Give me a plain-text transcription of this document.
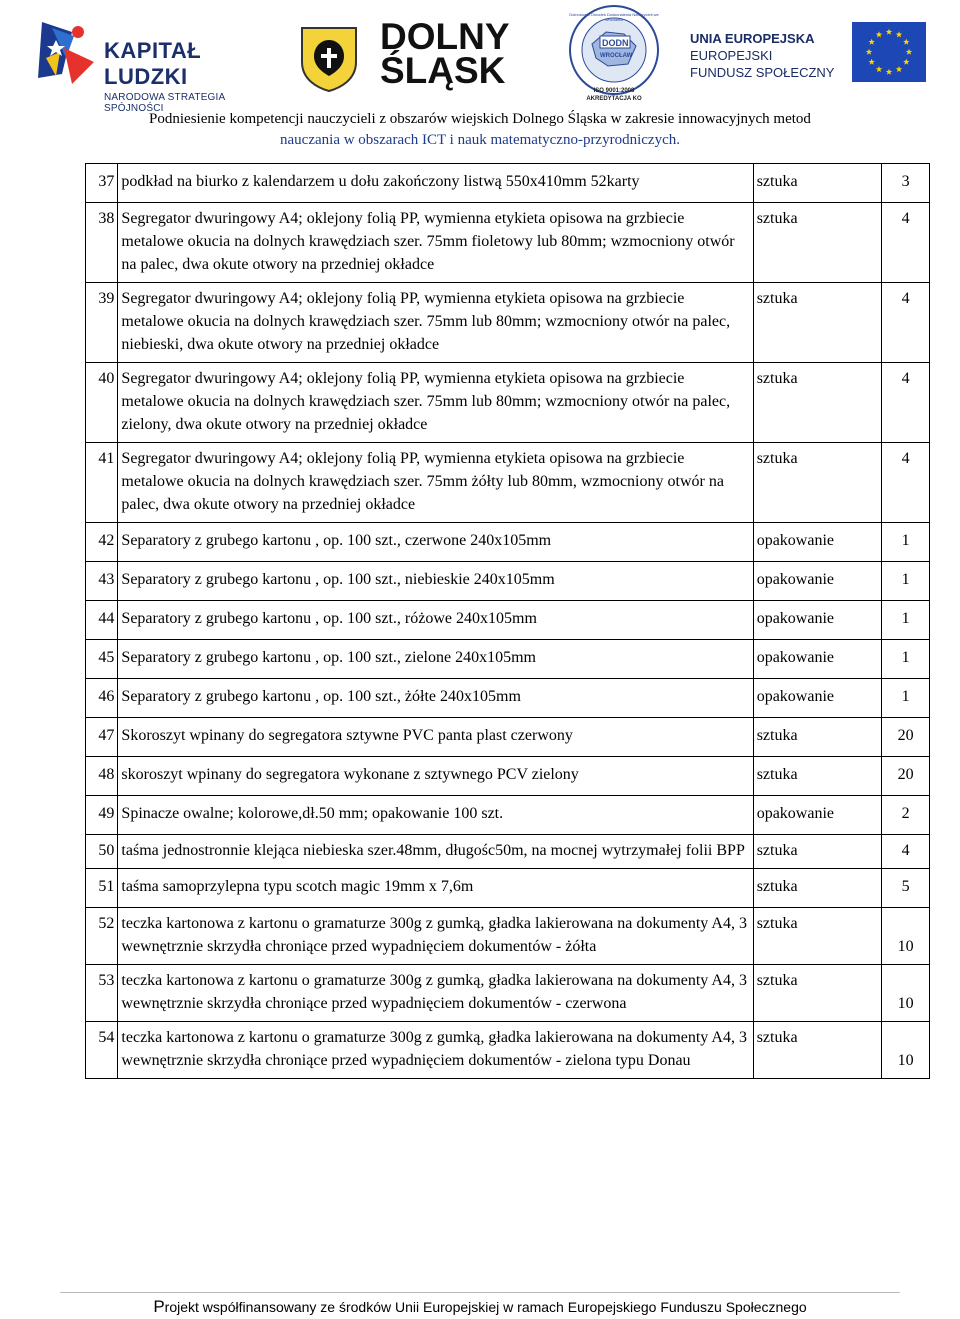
KAPITAŁ LUDZKI
NARODOWA STRATEGIA SPÓJNOŚCI
DOLNY
ŚLĄSK
DODN
WROCŁAW
Dolnośląski Ośrodek Doskonalenia Nauczycieli we Wrocławiu
ISO 9001:2008
AKREDYTACJA KO
UNIA EUROPEJSKA
EUROPEJSKI
FUNDUSZ SPOŁECZNY
Podniesienie kompetencji nauczycieli z obszarów wiejskich Dolnego Śląska w zakresie innowacyjnych metod
nauczania w obszarach ICT i nauk matematyczno-przyrodniczych.
37	podkład na biurko z kalendarzem u dołu zakończony listwą 550x410mm 52karty	sztuka	3
38	Segregator dwuringowy A4; oklejony folią PP, wymienna etykieta opisowa na grzbiecie metalowe okucia na dolnych krawędziach szer. 75mm fioletowy lub 80mm; wzmocniony otwór na palec, dwa okute otwory na przedniej okładce	sztuka	4
39	Segregator dwuringowy A4; oklejony folią PP, wymienna etykieta opisowa na grzbiecie metalowe okucia na dolnych krawędziach szer. 75mm lub 80mm; wzmocniony otwór na palec, niebieski, dwa okute otwory na przedniej okładce	sztuka	4
40	Segregator dwuringowy A4; oklejony folią PP, wymienna etykieta opisowa na grzbiecie metalowe okucia na dolnych krawędziach szer. 75mm lub 80mm; wzmocniony otwór na palec, zielony, dwa okute otwory na przedniej okładce	sztuka	4
41	Segregator dwuringowy A4; oklejony folią PP, wymienna etykieta opisowa na grzbiecie metalowe okucia na dolnych krawędziach szer. 75mm żółty lub 80mm, wzmocniony otwór na palec, dwa okute otwory na przedniej okładce	sztuka	4
42	Separatory z grubego kartonu , op. 100 szt., czerwone 240x105mm	opakowanie	1
43	Separatory z grubego kartonu , op. 100 szt., niebieskie 240x105mm	opakowanie	1
44	Separatory z grubego kartonu , op. 100 szt., różowe 240x105mm	opakowanie	1
45	Separatory z grubego kartonu , op. 100 szt., zielone 240x105mm	opakowanie	1
46	Separatory z grubego kartonu , op. 100 szt., żółte 240x105mm	opakowanie	1
47	Skoroszyt wpinany do segregatora sztywne PVC panta plast czerwony	sztuka	20
48	skoroszyt wpinany do segregatora wykonane z sztywnego PCV zielony	sztuka	20
49	Spinacze owalne; kolorowe,dł.50 mm; opakowanie 100 szt.	opakowanie	2
50	taśma jednostronnie klejąca niebieska szer.48mm, długośc50m, na mocnej wytrzymałej folii BPP	sztuka	4
51	taśma samoprzylepna typu scotch magic 19mm x 7,6m	sztuka	5
52	teczka kartonowa z kartonu o gramaturze 300g z gumką, gładka lakierowana na dokumenty A4, 3 wewnętrznie skrzydła chroniące przed wypadnięciem dokumentów - żółta	sztuka	10
53	teczka kartonowa z kartonu o gramaturze 300g z gumką, gładka lakierowana na dokumenty A4, 3 wewnętrznie skrzydła chroniące przed wypadnięciem dokumentów - czerwona	sztuka	10
54	teczka kartonowa z kartonu o gramaturze 300g z gumką, gładka lakierowana na dokumenty A4, 3 wewnętrznie skrzydła chroniące przed wypadnięciem dokumentów - zielona typu Donau	sztuka	10
Projekt współfinansowany ze środków Unii Europejskiej w ramach Europejskiego Funduszu Społecznego
